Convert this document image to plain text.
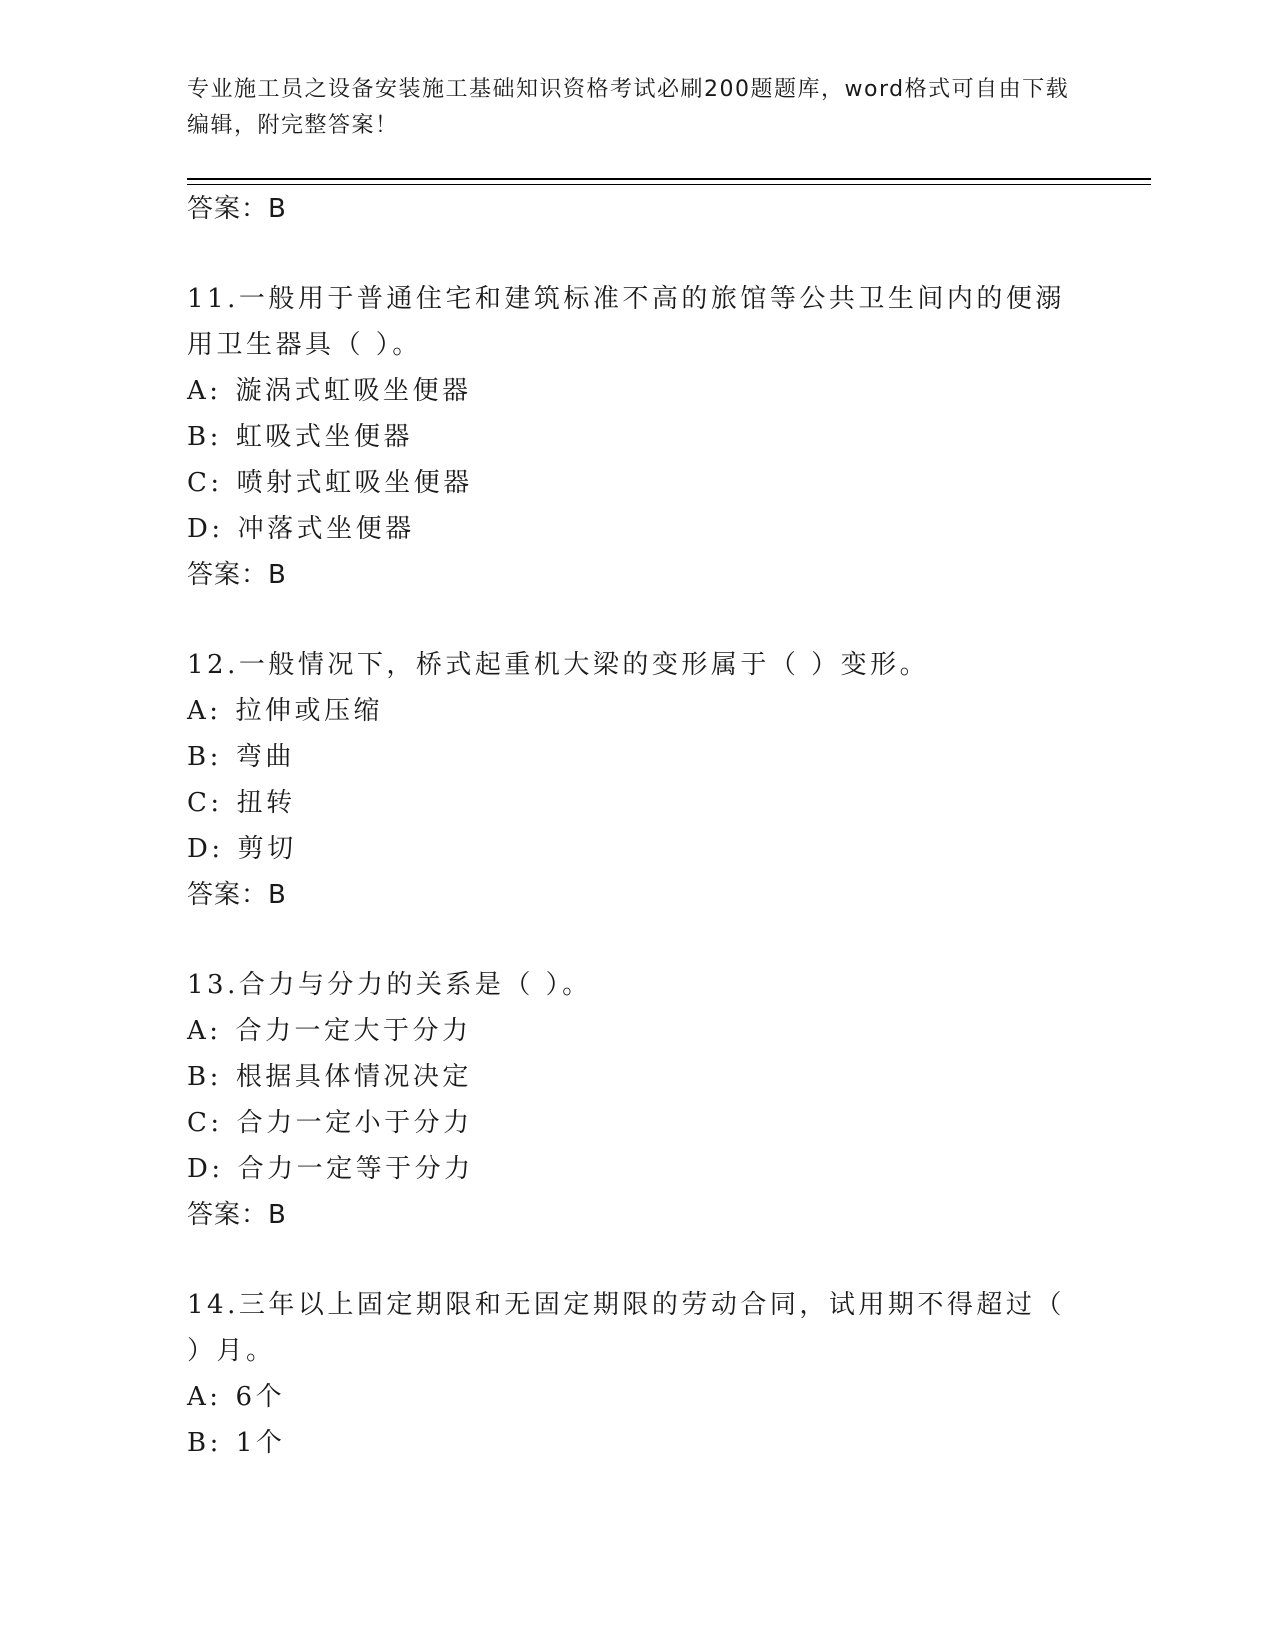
专业施工员之设备安装施工基础知识资格考试必刷200题题库，word格式可自由下载编辑，附完整答案！
答案：B
11.一般用于普通住宅和建筑标准不高的旅馆等公共卫生间内的便溺用卫生器具（ ）。
A: 漩涡式虹吸坐便器
B: 虹吸式坐便器
C: 喷射式虹吸坐便器
D: 冲落式坐便器
答案：B
12.一般情况下，桥式起重机大梁的变形属于（ ）变形。
A: 拉伸或压缩
B: 弯曲
C: 扭转
D: 剪切
答案：B
13.合力与分力的关系是（ ）。
A: 合力一定大于分力
B: 根据具体情况决定
C: 合力一定小于分力
D: 合力一定等于分力
答案：B
14.三年以上固定期限和无固定期限的劳动合同，试用期不得超过（ ）月。
A: 6个
B: 1个
